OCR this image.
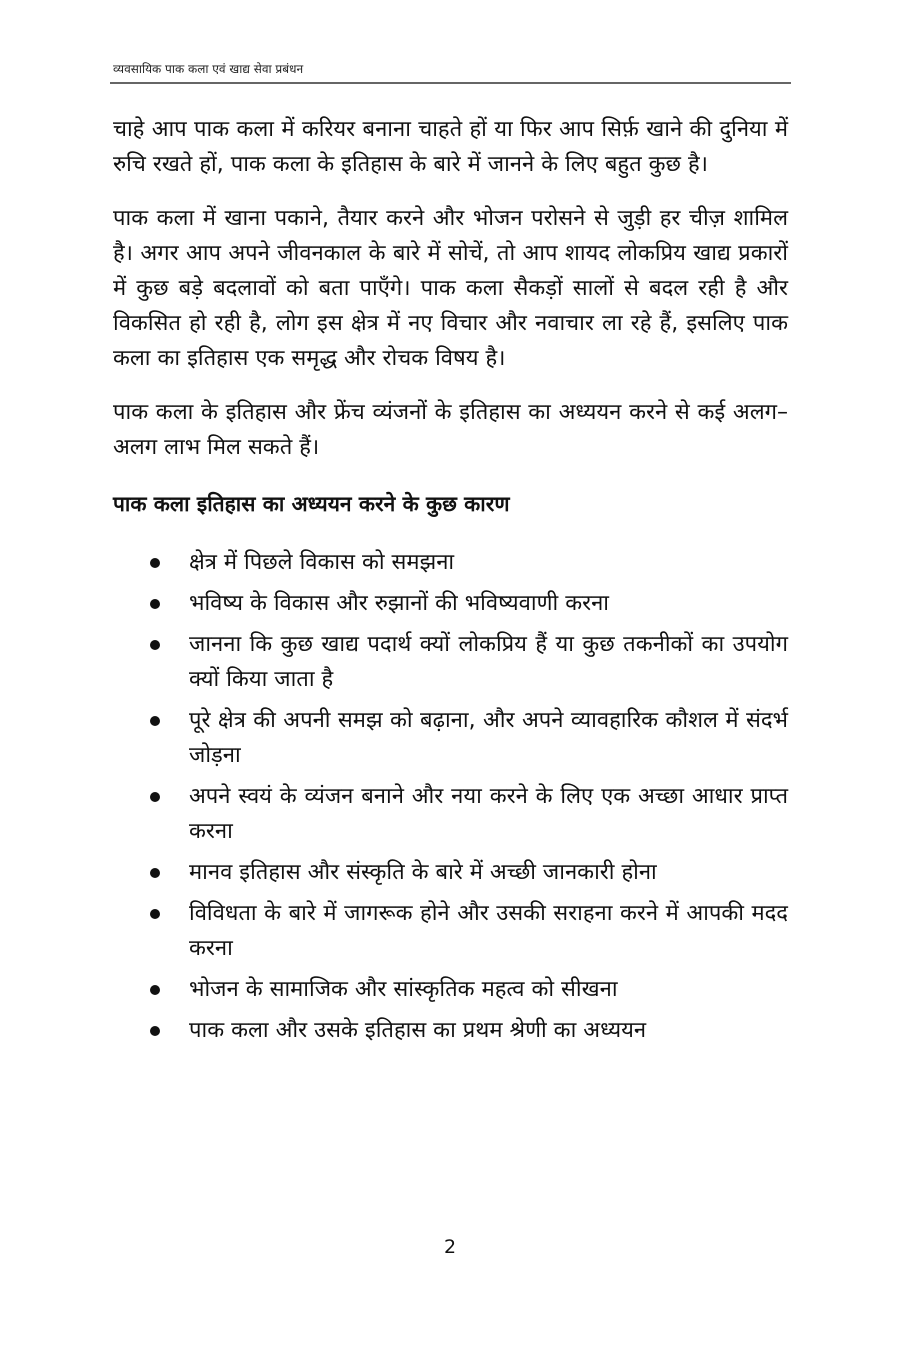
व्यवसायिक पाक कला एवं खाद्य सेवा प्रबंधन

चाहे आप पाक कला में करियर बनाना चाहते हों या फिर आप सिर्फ़ खाने की दुनिया में रुचि रखते हों, पाक कला के इतिहास के बारे में जानने के लिए बहुत कुछ है।

पाक कला में खाना पकाने, तैयार करने और भोजन परोसने से जुड़ी हर चीज़ शामिल है। अगर आप अपने जीवनकाल के बारे में सोचें, तो आप शायद लोकप्रिय खाद्य प्रकारों में कुछ बड़े बदलावों को बता पाएँगे। पाक कला सैकड़ों सालों से बदल रही है और विकसित हो रही है, लोग इस क्षेत्र में नए विचार और नवाचार ला रहे हैं, इसलिए पाक कला का इतिहास एक समृद्ध और रोचक विषय है।

पाक कला के इतिहास और फ्रेंच व्यंजनों के इतिहास का अध्ययन करने से कई अलग–अलग लाभ मिल सकते हैं।

पाक कला इतिहास का अध्ययन करने के कुछ कारण
क्षेत्र में पिछले विकास को समझना
भविष्य के विकास और रुझानों की भविष्यवाणी करना
जानना कि कुछ खाद्य पदार्थ क्यों लोकप्रिय हैं या कुछ तकनीकों का उपयोग क्यों किया जाता है
पूरे क्षेत्र की अपनी समझ को बढ़ाना, और अपने व्यावहारिक कौशल में संदर्भ जोड़ना
अपने स्वयं के व्यंजन बनाने और नया करने के लिए एक अच्छा आधार प्राप्त करना
मानव इतिहास और संस्कृति के बारे में अच्छी जानकारी होना
विविधता के बारे में जागरूक होने और उसकी सराहना करने में आपकी मदद करना
भोजन के सामाजिक और सांस्कृतिक महत्व को सीखना
पाक कला और उसके इतिहास का प्रथम श्रेणी का अध्ययन
2
